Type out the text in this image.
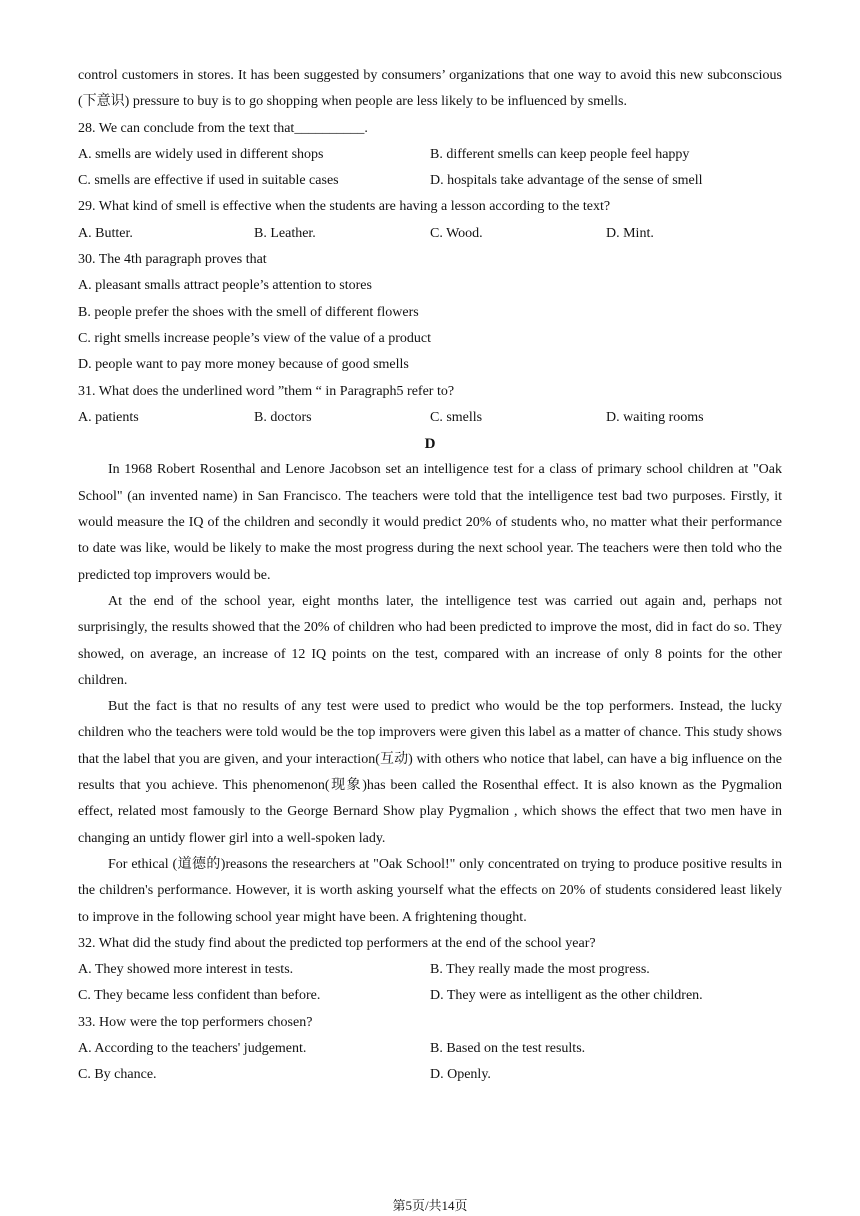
control customers in stores. It has been suggested by consumers’ organizations that one way to avoid this new subconscious (下意识) pressure to buy is to go shopping when people are less likely to be influenced by smells.

28. We can conclude from the text that__________.

A. smells are widely used in different shops	B. different smells can keep people feel happy
C. smells are effective if used in suitable cases	D. hospitals take advantage of the sense of smell

29. What kind of smell is effective when the students are having a lesson according to the text?

A. Butter.	B. Leather.	C. Wood.	D. Mint.

30. The 4th paragraph proves that

A. pleasant smalls attract people’s attention to stores

B. people prefer the shoes with the smell of different flowers

C. right smells increase people’s view of the value of a product

D. people want to pay more money because of good smells

31. What does the underlined word ”them “ in Paragraph5 refer to?

A. patients	B. doctors	C. smells	D. waiting rooms

D

In 1968 Robert Rosenthal and Lenore Jacobson set an intelligence test for a class of primary school children at "Oak School" (an invented name) in San Francisco. The teachers were told that the intelligence test bad two purposes. Firstly, it would measure the IQ of the children and secondly it would predict 20% of students who, no matter what their performance to date was like, would be likely to make the most progress during the next school year. The teachers were then told who the predicted top improvers would be.

At the end of the school year, eight months later, the intelligence test was carried out again and, perhaps not surprisingly, the results showed that the 20% of children who had been predicted to improve the most, did in fact do so. They showed, on average, an increase of 12 IQ points on the test, compared with an increase of only 8 points for the other children.

But the fact is that no results of any test were used to predict who would be the top performers. Instead, the lucky children who the teachers were told would be the top improvers were given this label as a matter of chance. This study shows that the label that you are given, and your interaction(互动) with others who notice that label, can have a big influence on the results that you achieve. This phenomenon(现象)has been called the Rosenthal effect. It is also known as the Pygmalion effect, related most famously to the George Bernard Show play Pygmalion , which shows the effect that two men have in changing an untidy flower girl into a well-spoken lady.

For ethical (道德的)reasons the researchers at "Oak School!" only concentrated on trying to produce positive results in the children's performance. However, it is worth asking yourself what the effects on 20% of students considered least likely to improve in the following school year might have been. A frightening thought.

32. What did the study find about the predicted top performers at the end of the school year?

A. They showed more interest in tests.	B. They really made the most progress.
C. They became less confident than before.	D. They were as intelligent as the other children.

33. How were the top performers chosen?

A. According to the teachers' judgement.	B. Based on the test results.
C. By chance.	D. Openly.
第5页/共14页
